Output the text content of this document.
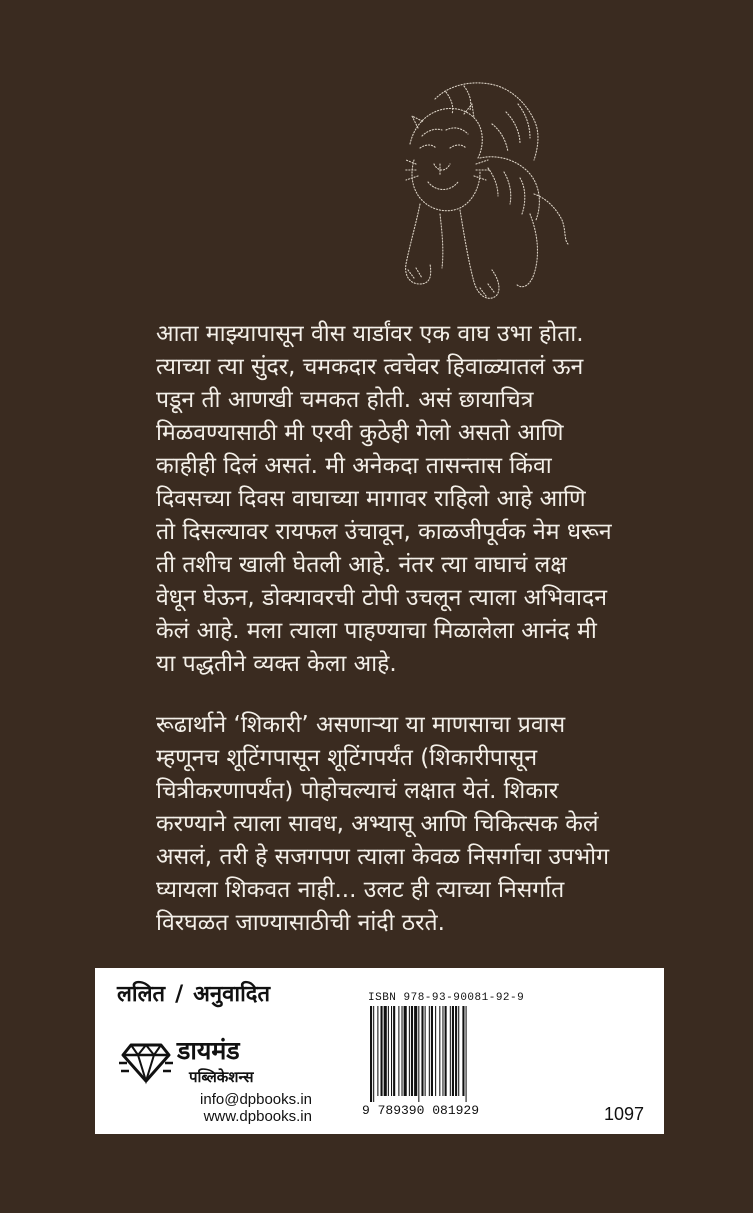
आता माझ्यापासून वीस यार्डांवर एक वाघ उभा होता.
त्याच्या त्या सुंदर, चमकदार त्वचेवर हिवाळ्यातलं ऊन
पडून ती आणखी चमकत होती. असं छायाचित्र
मिळवण्यासाठी मी एरवी कुठेही गेलो असतो आणि
काहीही दिलं असतं. मी अनेकदा तासन्तास किंवा
दिवसच्या दिवस वाघाच्या मागावर राहिलो आहे आणि
तो दिसल्यावर रायफल उंचावून, काळजीपूर्वक नेम धरून
ती तशीच खाली घेतली आहे. नंतर त्या वाघाचं लक्ष
वेधून घेऊन, डोक्यावरची टोपी उचलून त्याला अभिवादन
केलं आहे. मला त्याला पाहण्याचा मिळालेला आनंद मी
या पद्धतीने व्यक्त केला आहे.
रूढार्थाने ‘शिकारी’ असणाऱ्या या माणसाचा प्रवास
म्हणूनच शूटिंगपासून शूटिंगपर्यंत (शिकारीपासून
चित्रीकरणापर्यंत) पोहोचल्याचं लक्षात येतं. शिकार
करण्याने त्याला सावध, अभ्यासू आणि चिकित्सक केलं
असलं, तरी हे सजगपण त्याला केवळ निसर्गाचा उपभोग
घ्यायला शिकवत नाही... उलट ही त्याच्या निसर्गात
विरघळत जाण्यासाठीची नांदी ठरते.
ललित / अनुवादित
डायमंड
पब्लिकेशन्स
info@dpbooks.in
www.dpbooks.in
ISBN 978-93-90081-92-9
9 789390 081929	1097
